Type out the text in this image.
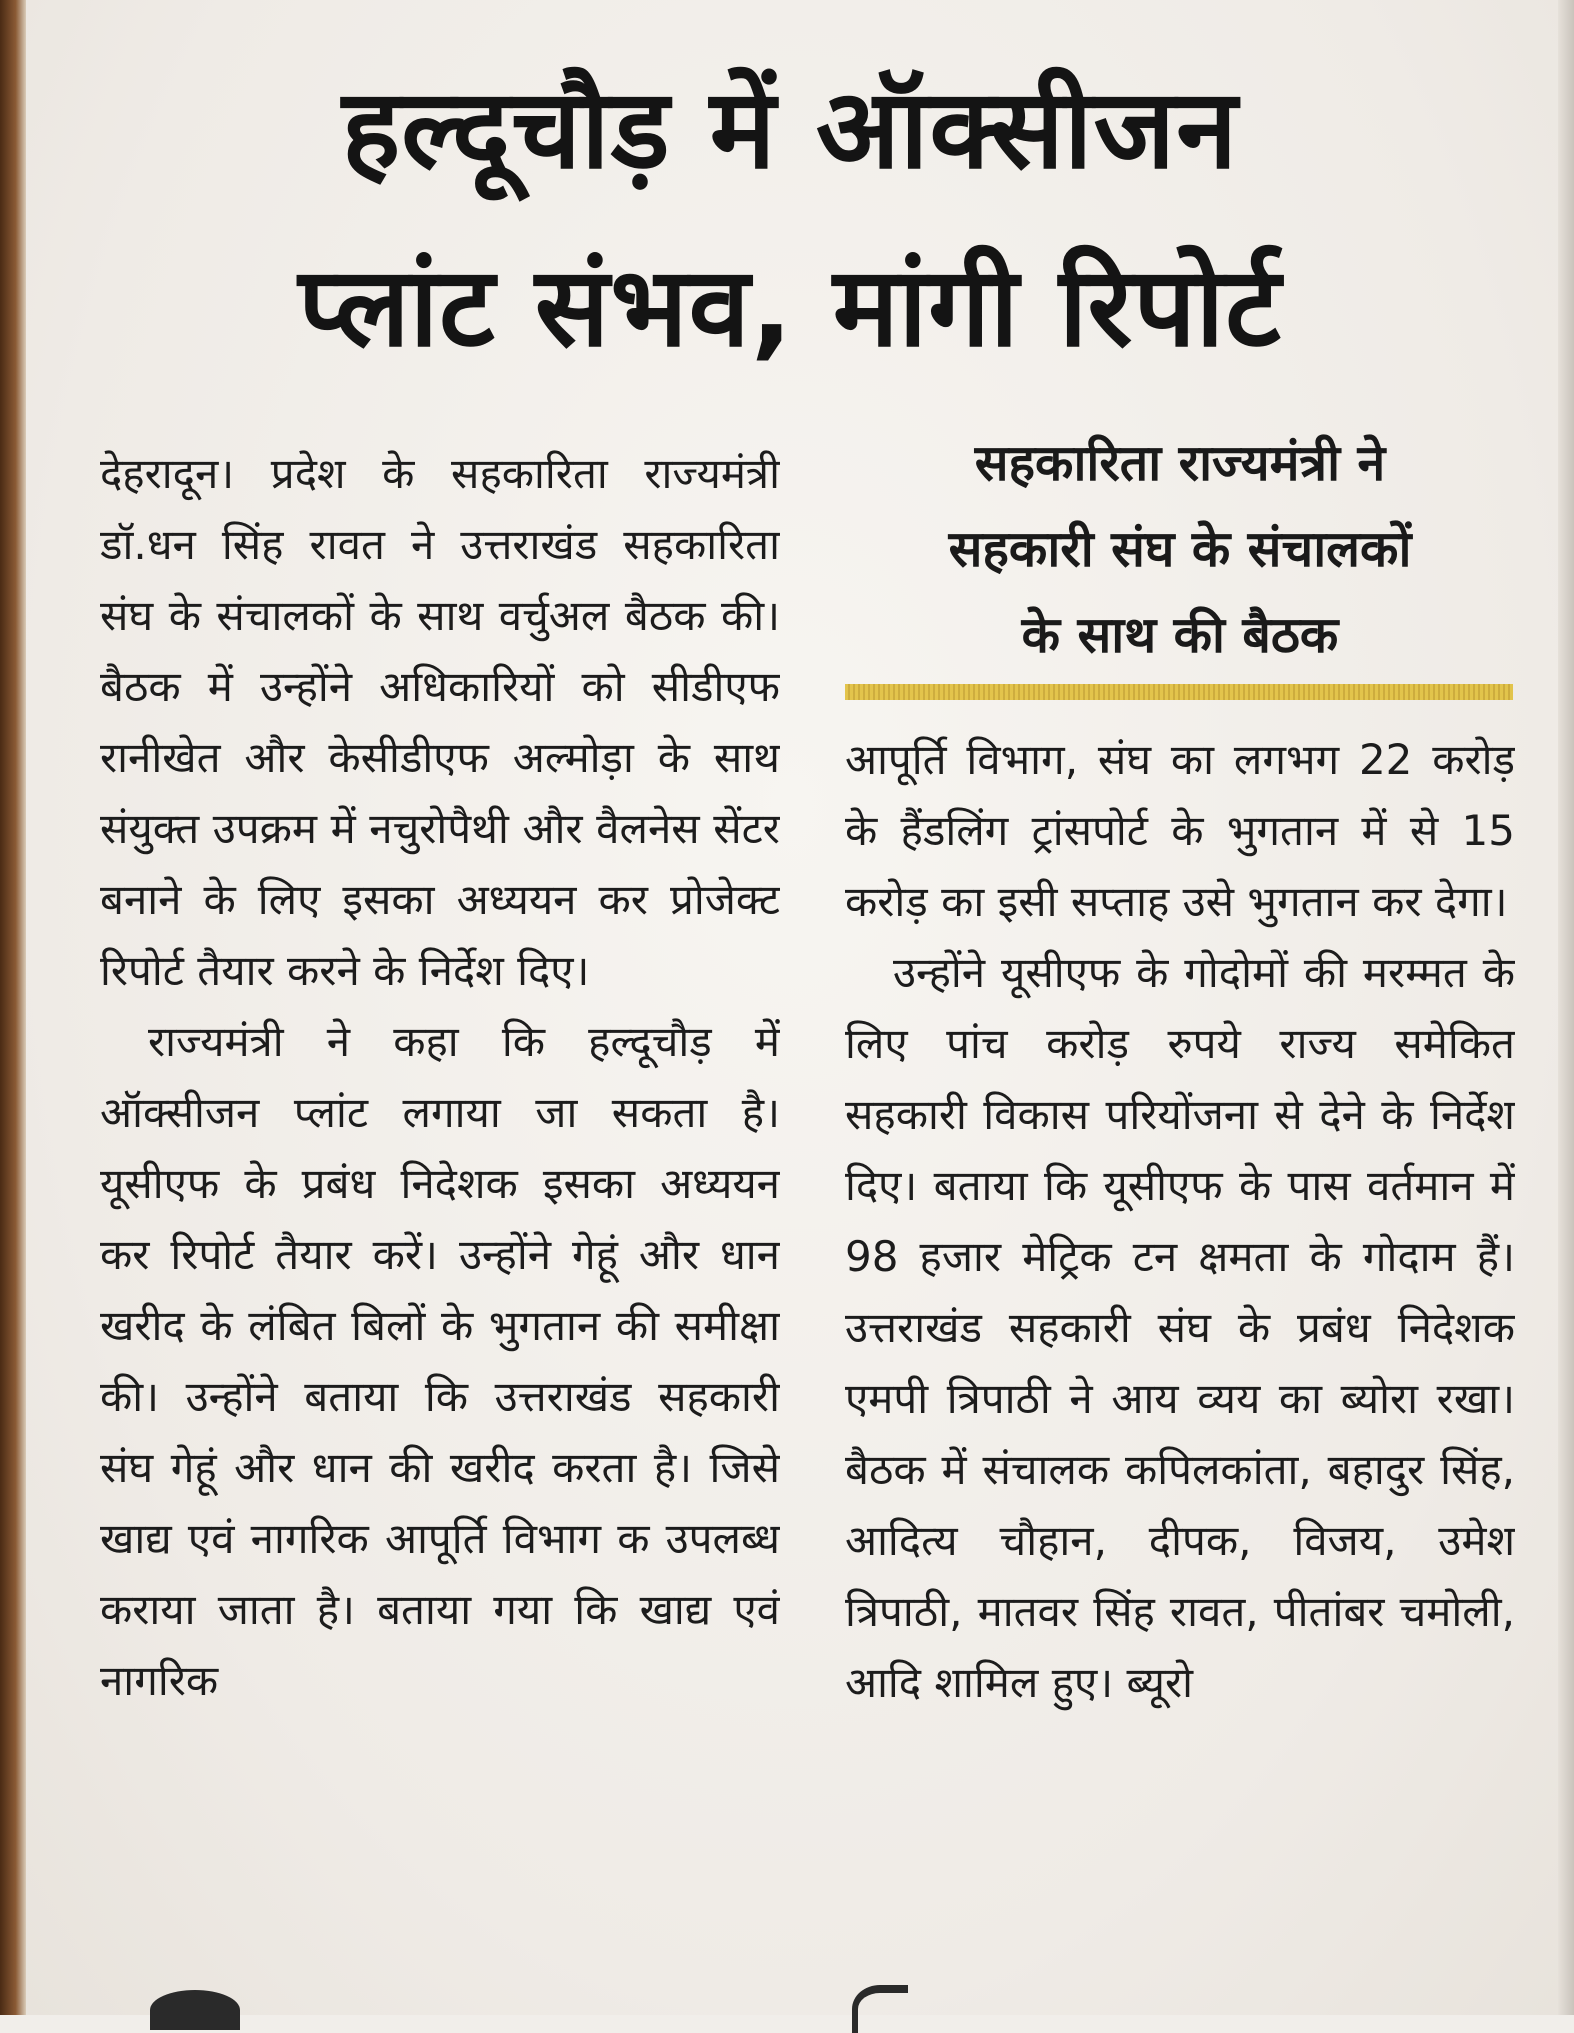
हल्दूचौड़ में ऑक्सीजन
प्लांट संभव, मांगी रिपोर्ट

देहरादून। प्रदेश के सहकारिता राज्यमंत्री डॉ.धन सिंह रावत ने उत्तराखंड सहकारिता संघ के संचालकों के साथ वर्चुअल बैठक की। बैठक में उन्होंने अधिकारियों को सीडीएफ रानीखेत और केसीडीएफ अल्मोड़ा के साथ संयुक्त उपक्रम में नचुरोपैथी और वैलनेस सेंटर बनाने के लिए इसका अध्ययन कर प्रोजेक्ट रिपोर्ट तैयार करने के निर्देश दिए।

राज्यमंत्री ने कहा कि हल्दूचौड़ में ऑक्सीजन प्लांट लगाया जा सकता है। यूसीएफ के प्रबंध निदेशक इसका अध्ययन कर रिपोर्ट तैयार करें। उन्होंने गेहूं और धान खरीद के लंबित बिलों के भुगतान की समीक्षा की। उन्होंने बताया कि उत्तराखंड सहकारी संघ गेहूं और धान की खरीद करता है। जिसे खाद्य एवं नागरिक आपूर्ति विभाग क उपलब्ध कराया जाता है। बताया गया कि खाद्य एवं नागरिक

सहकारिता राज्यमंत्री ने
सहकारी संघ के संचालकों
के साथ की बैठक

आपूर्ति विभाग, संघ का लगभग 22 करोड़ के हैंडलिंग ट्रांसपोर्ट के भुगतान में से 15 करोड़ का इसी सप्ताह उसे भुगतान कर देगा।

उन्होंने यूसीएफ के गोदोमों की मरम्मत के लिए पांच करोड़ रुपये राज्य समेकित सहकारी विकास परियोंजना से देने के निर्देश दिए। बताया कि यूसीएफ के पास वर्तमान में 98 हजार मेट्रिक टन क्षमता के गोदाम हैं। उत्तराखंड सहकारी संघ के प्रबंध निदेशक एमपी त्रिपाठी ने आय व्यय का ब्योरा रखा। बैठक में संचालक कपिलकांता, बहादुर सिंह, आदित्य चौहान, दीपक, विजय, उमेश त्रिपाठी, मातवर सिंह रावत, पीतांबर चमोली, आदि शामिल हुए। ब्यूरो
